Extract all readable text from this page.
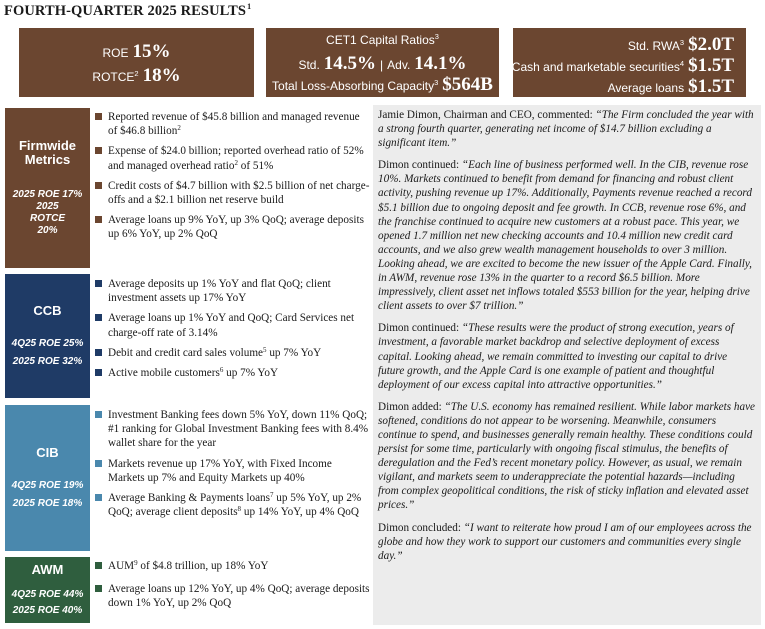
FOURTH-QUARTER 2025 RESULTS$^1$
ROE 15%
ROTCE$^2$ 18%
CET1 Capital Ratios$^3$
Std. 14.5% | Adv. 14.1%
Total Loss-Absorbing Capacity$^3$ $564B
Std. RWA$^3$ $2.0T
Cash and marketable securities$^4$ $1.5T
Average loans $1.5T
Firmwide Metrics
2025 ROE 17%
2025 ROTCE 20%
CCB
4Q25 ROE 25%
2025 ROE 32%
CIB
4Q25 ROE 19%
2025 ROE 18%
AWM
4Q25 ROE 44%
2025 ROE 40%
Reported revenue of $45.8 billion and managed revenue of $46.8 billion$^2$
Expense of $24.0 billion; reported overhead ratio of 52% and managed overhead ratio$^2$ of 51%
Credit costs of $4.7 billion with $2.5 billion of net charge-offs and a $2.1 billion net reserve build
Average loans up 9% YoY, up 3% QoQ; average deposits up 6% YoY, up 2% QoQ
Average deposits up 1% YoY and flat QoQ; client investment assets up 17% YoY
Average loans up 1% YoY and QoQ; Card Services net charge-off rate of 3.14%
Debit and credit card sales volume$^5$ up 7% YoY
Active mobile customers$^6$ up 7% YoY
Investment Banking fees down 5% YoY, down 11% QoQ; #1 ranking for Global Investment Banking fees with 8.4% wallet share for the year
Markets revenue up 17% YoY, with Fixed Income Markets up 7% and Equity Markets up 40%
Average Banking & Payments loans$^7$ up 5% YoY, up 2% QoQ; average client deposits$^8$ up 14% YoY, up 4% QoQ
AUM$^9$ of $4.8 trillion, up 18% YoY
Average loans up 12% YoY, up 4% QoQ; average deposits down 1% YoY, up 2% QoQ

Jamie Dimon, Chairman and CEO, commented: “The Firm concluded the year with a strong fourth quarter, generating net income of $14.7 billion excluding a significant item.”

Dimon continued: “Each line of business performed well. In the CIB, revenue rose 10%. Markets continued to benefit from demand for financing and robust client activity, pushing revenue up 17%. Additionally, Payments revenue reached a record $5.1 billion due to ongoing deposit and fee growth. In CCB, revenue rose 6%, and the franchise continued to acquire new customers at a robust pace. This year, we opened 1.7 million net new checking accounts and 10.4 million new credit card accounts, and we also grew wealth management households to over 3 million. Looking ahead, we are excited to become the new issuer of the Apple Card. Finally, in AWM, revenue rose 13% in the quarter to a record $6.5 billion. More impressively, client asset net inflows totaled $553 billion for the year, helping drive client assets to over $7 trillion.”

Dimon continued: “These results were the product of strong execution, years of investment, a favorable market backdrop and selective deployment of excess capital. Looking ahead, we remain committed to investing our capital to drive future growth, and the Apple Card is one example of patient and thoughtful deployment of our excess capital into attractive opportunities.”

Dimon added: “The U.S. economy has remained resilient. While labor markets have softened, conditions do not appear to be worsening. Meanwhile, consumers continue to spend, and businesses generally remain healthy. These conditions could persist for some time, particularly with ongoing fiscal stimulus, the benefits of deregulation and the Fed’s recent monetary policy. However, as usual, we remain vigilant, and markets seem to underappreciate the potential hazards—including from complex geopolitical conditions, the risk of sticky inflation and elevated asset prices.”

Dimon concluded: “I want to reiterate how proud I am of our employees across the globe and how they work to support our customers and communities every single day.”
